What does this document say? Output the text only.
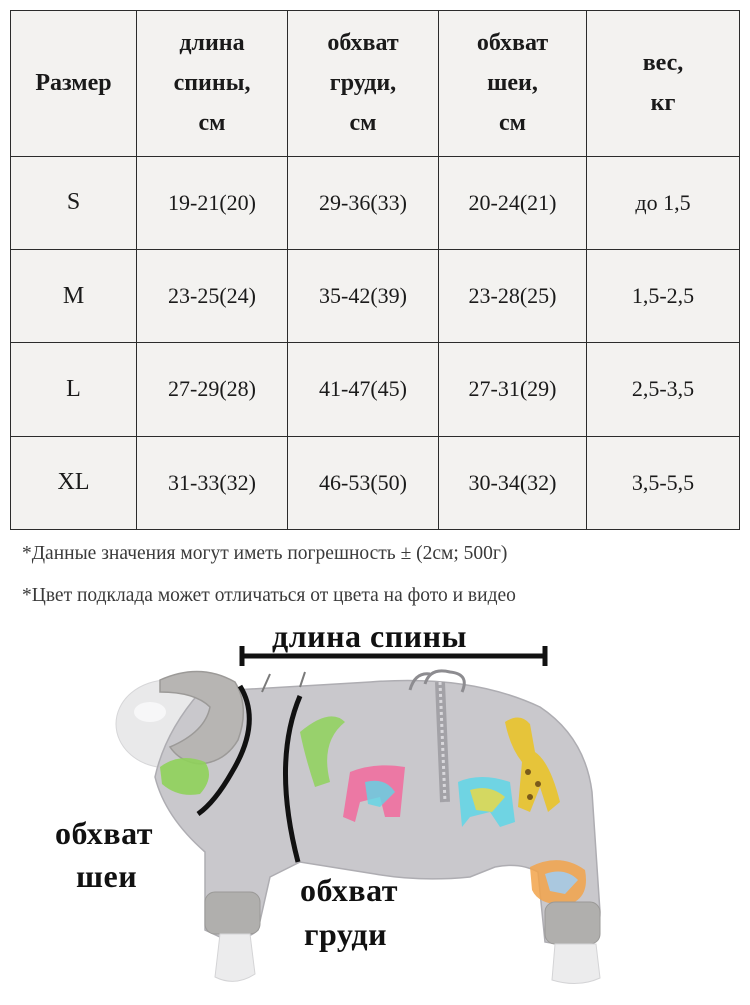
Размер	длина
спины,
см	обхват
груди,
см	обхват
шеи,
см	вес,
кг
S	19-21(20)	29-36(33)	20-24(21)	до 1,5
M	23-25(24)	35-42(39)	23-28(25)	1,5-2,5
L	27-29(28)	41-47(45)	27-31(29)	2,5-3,5
XL	31-33(32)	46-53(50)	30-34(32)	3,5-5,5
*Данные значения могут иметь погрешность ± (2см; 500г)
*Цвет подклада может отличаться от цвета на фото и видео
длина спины
обхват
шеи	обхват
груди
